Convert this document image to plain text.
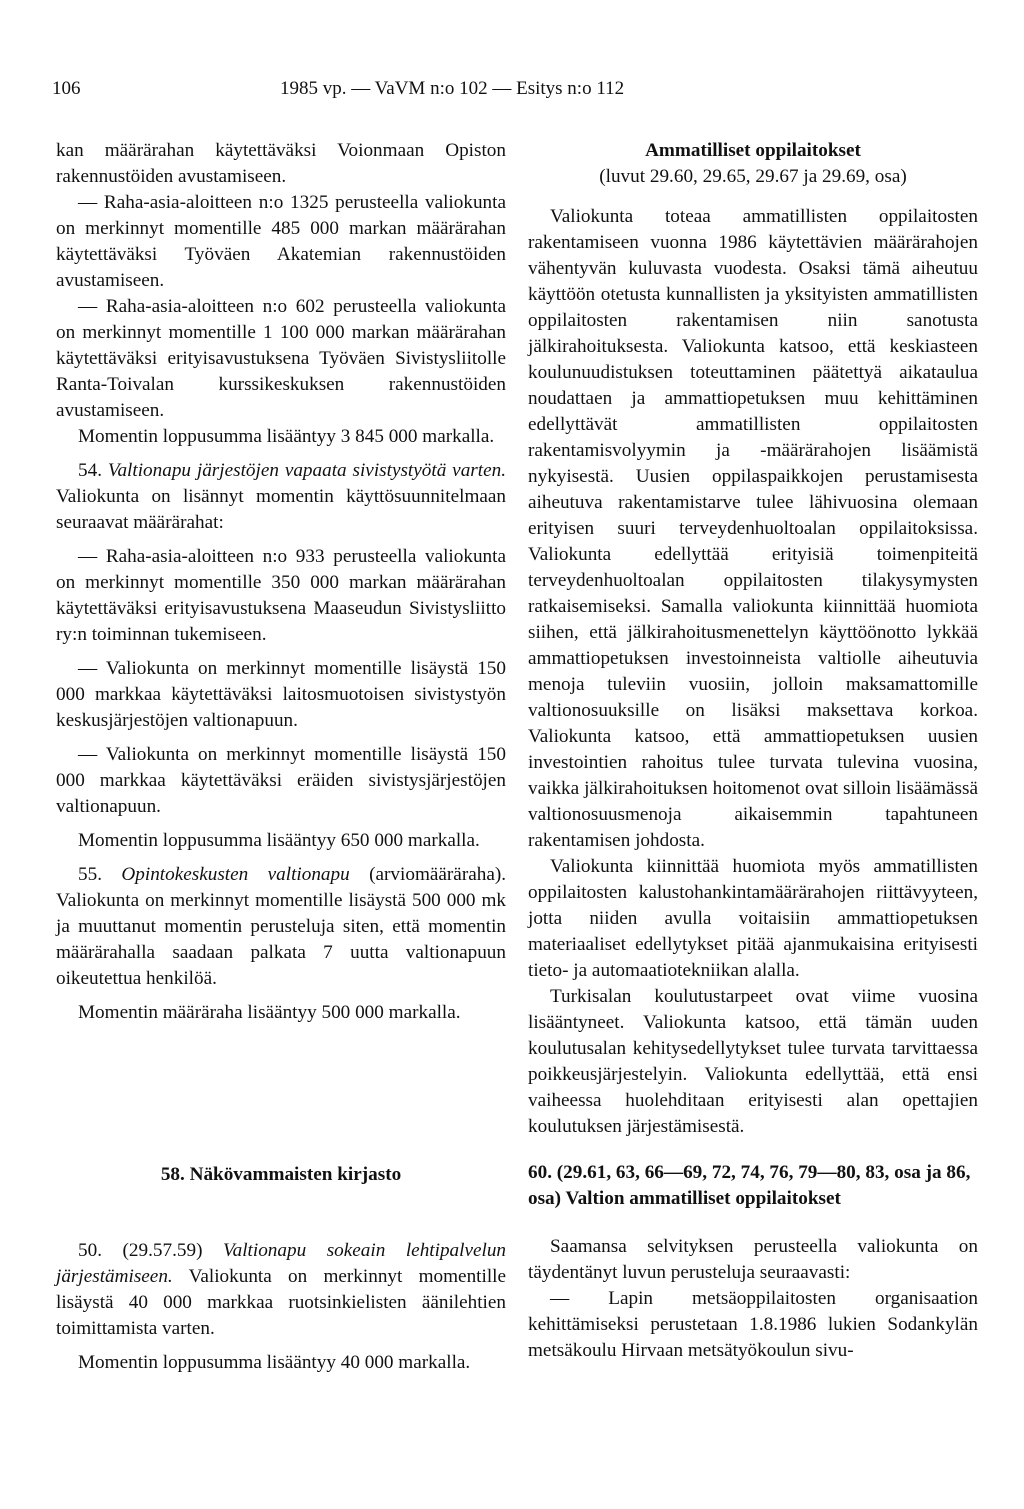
106	1985 vp. — VaVM n:o 102 — Esitys n:o 112

kan määrärahan käytettäväksi Voionmaan Opiston rakennustöiden avustamiseen.

— Raha-asia-aloitteen n:o 1325 perusteella valiokunta on merkinnyt momentille 485 000 markan määrärahan käytettäväksi Työväen Akatemian rakennustöiden avustamiseen.

— Raha-asia-aloitteen n:o 602 perusteella valiokunta on merkinnyt momentille 1 100 000 markan määrärahan käytettäväksi erityisavustuksena Työväen Sivistysliitolle Ranta-Toivalan kurssikeskuksen rakennustöiden avustamiseen.

Momentin loppusumma lisääntyy 3 845 000 markalla.

54. Valtionapu järjestöjen vapaata sivistystyötä varten. Valiokunta on lisännyt momentin käyttösuunnitelmaan seuraavat määrärahat:

— Raha-asia-aloitteen n:o 933 perusteella valiokunta on merkinnyt momentille 350 000 markan määrärahan käytettäväksi erityisavustuksena Maaseudun Sivistysliitto ry:n toiminnan tukemiseen.

— Valiokunta on merkinnyt momentille lisäystä 150 000 markkaa käytettäväksi laitosmuotoisen sivistystyön keskusjärjestöjen valtionapuun.

— Valiokunta on merkinnyt momentille lisäystä 150 000 markkaa käytettäväksi eräiden sivistysjärjestöjen valtionapuun.

Momentin loppusumma lisääntyy 650 000 markalla.

55. Opintokeskusten valtionapu (arviomääräraha). Valiokunta on merkinnyt momentille lisäystä 500 000 mk ja muuttanut momentin perusteluja siten, että momentin määrärahalla saadaan palkata 7 uutta valtionapuun oikeutettua henkilöä.

Momentin määräraha lisääntyy 500 000 markalla.

Ammatilliset oppilaitokset

(luvut 29.60, 29.65, 29.67 ja 29.69, osa)

Valiokunta toteaa ammatillisten oppilaitosten rakentamiseen vuonna 1986 käytettävien määrärahojen vähentyvän kuluvasta vuodesta. Osaksi tämä aiheutuu käyttöön otetusta kunnallisten ja yksityisten ammatillisten oppilaitosten rakentamisen niin sanotusta jälkirahoituksesta. Valiokunta katsoo, että keskiasteen koulunuudistuksen toteuttaminen päätettyä aikataulua noudattaen ja ammattiopetuksen muu kehittäminen edellyttävät ammatillisten oppilaitosten rakentamisvolyymin ja -määrärahojen lisäämistä nykyisestä. Uusien oppilaspaikkojen perustamisesta aiheutuva rakentamistarve tulee lähivuosina olemaan erityisen suuri terveydenhuoltoalan oppilaitoksissa. Valiokunta edellyttää erityisiä toimenpiteitä terveydenhuoltoalan oppilaitosten tilakysymysten ratkaisemiseksi. Samalla valiokunta kiinnittää huomiota siihen, että jälkirahoitusmenettelyn käyttöönotto lykkää ammattiopetuksen investoinneista valtiolle aiheutuvia menoja tuleviin vuosiin, jolloin maksamattomille valtionosuuksille on lisäksi maksettava korkoa. Valiokunta katsoo, että ammattiopetuksen uusien investointien rahoitus tulee turvata tulevina vuosina, vaikka jälkirahoituksen hoitomenot ovat silloin lisäämässä valtionosuusmenoja aikaisemmin tapahtuneen rakentamisen johdosta.

Valiokunta kiinnittää huomiota myös ammatillisten oppilaitosten kalustohankintamäärärahojen riittävyyteen, jotta niiden avulla voitaisiin ammattiopetuksen materiaaliset edellytykset pitää ajanmukaisina erityisesti tieto- ja automaatiotekniikan alalla.

Turkisalan koulutustarpeet ovat viime vuosina lisääntyneet. Valiokunta katsoo, että tämän uuden koulutusalan kehitysedellytykset tulee turvata tarvittaessa poikkeusjärjestelyin. Valiokunta edellyttää, että ensi vaiheessa huolehditaan erityisesti alan opettajien koulutuksen järjestämisestä.

58. Näkövammaisten kirjasto

50. (29.57.59) Valtionapu sokeain lehtipalvelun järjestämiseen. Valiokunta on merkinnyt momentille lisäystä 40 000 markkaa ruotsinkielisten äänilehtien toimittamista varten.

Momentin loppusumma lisääntyy 40 000 markalla.

60. (29.61, 63, 66—69, 72, 74, 76, 79—80, 83, osa ja 86, osa) Valtion ammatilliset oppilaitokset

Saamansa selvityksen perusteella valiokunta on täydentänyt luvun perusteluja seuraavasti:

— Lapin metsäoppilaitosten organisaation kehittämiseksi perustetaan 1.8.1986 lukien Sodankylän metsäkoulu Hirvaan metsätyökoulun sivu-
